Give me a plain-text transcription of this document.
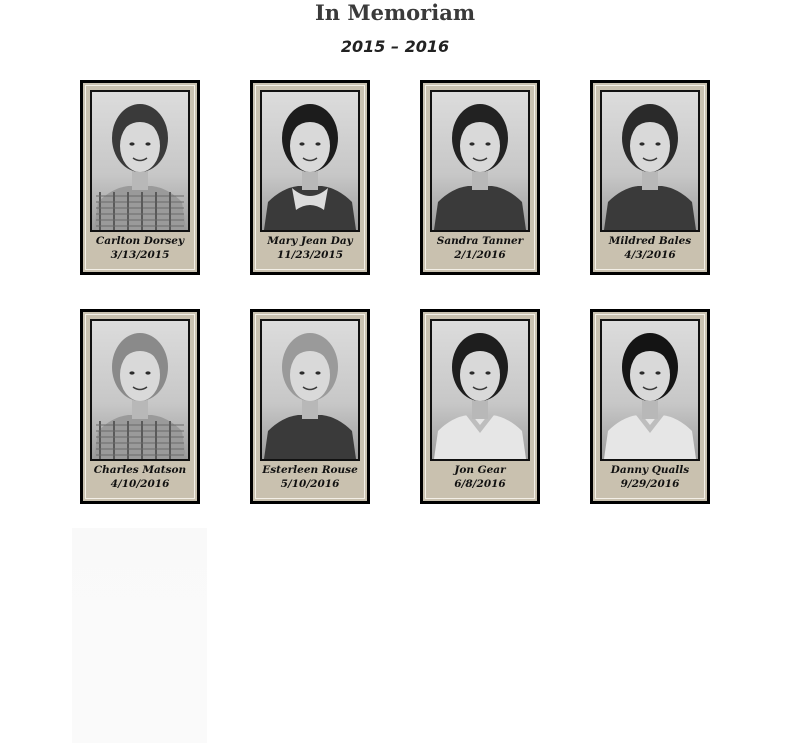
In Memoriam
2015 – 2016
Carlton Dorsey
3/13/2015
Mary Jean Day
11/23/2015
Sandra Tanner
2/1/2016
Mildred Bales
4/3/2016
Charles Matson
4/10/2016
Esterleen Rouse
5/10/2016
Jon Gear
6/8/2016
Danny Qualls
9/29/2016
